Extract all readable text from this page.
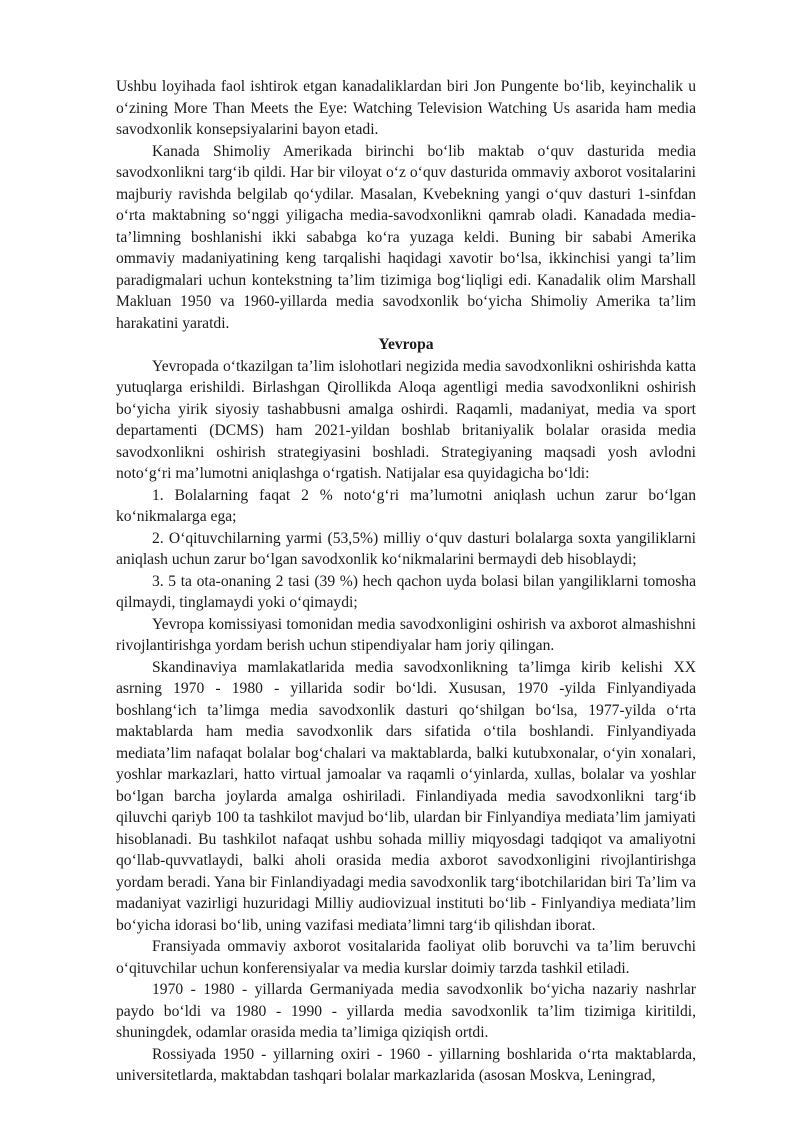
Ushbu loyihada faol ishtirok etgan kanadaliklardan biri Jon Pungente bo‘lib, keyinchalik u o‘zining More Than Meets the Eye: Watching Television Watching Us asarida ham media savodxonlik konsepsiyalarini bayon etadi.

Kanada Shimoliy Amerikada birinchi bo‘lib maktab o‘quv dasturida media savodxonlikni targ‘ib qildi. Har bir viloyat o‘z o‘quv dasturida ommaviy axborot vositalarini majburiy ravishda belgilab qo‘ydilar. Masalan, Kvebekning yangi o‘quv dasturi 1-sinfdan o‘rta maktabning so‘nggi yiligacha media-savodxonlikni qamrab oladi. Kanadada media-ta’limning boshlanishi ikki sababga ko‘ra yuzaga keldi. Buning bir sababi Amerika ommaviy madaniyatining keng tarqalishi haqidagi xavotir bo‘lsa, ikkinchisi yangi ta’lim paradigmalari uchun kontekstning ta’lim tizimiga bog‘liqligi edi. Kanadalik olim Marshall Makluan 1950 va 1960-yillarda media savodxonlik bo‘yicha Shimoliy Amerika ta’lim harakatini yaratdi.

Yevropa

Yevropada o‘tkazilgan ta’lim islohotlari negizida media savodxonlikni oshirishda katta yutuqlarga erishildi. Birlashgan Qirollikda Aloqa agentligi media savodxonlikni oshirish bo‘yicha yirik siyosiy tashabbusni amalga oshirdi. Raqamli, madaniyat, media va sport departamenti (DCMS) ham 2021-yildan boshlab britaniyalik bolalar orasida media savodxonlikni oshirish strategiyasini boshladi. Strategiyaning maqsadi yosh avlodni noto‘g‘ri ma’lumotni aniqlashga o‘rgatish. Natijalar esa quyidagicha bo‘ldi:

1. Bolalarning faqat 2 % noto‘g‘ri ma’lumotni aniqlash uchun zarur bo‘lgan ko‘nikmalarga ega;

2. O‘qituvchilarning yarmi (53,5%) milliy o‘quv dasturi bolalarga soxta yangiliklarni aniqlash uchun zarur bo‘lgan savodxonlik ko‘nikmalarini bermaydi deb hisoblaydi;

3. 5 ta ota-onaning 2 tasi (39 %) hech qachon uyda bolasi bilan yangiliklarni tomosha qilmaydi, tinglamaydi yoki o‘qimaydi;

Yevropa komissiyasi tomonidan media savodxonligini oshirish va axborot almashishni rivojlantirishga yordam berish uchun stipendiyalar ham joriy qilingan.

Skandinaviya mamlakatlarida media savodxonlikning ta’limga kirib kelishi XX asrning 1970 - 1980 - yillarida sodir bo‘ldi. Xususan, 1970 -yilda Finlyandiyada boshlang‘ich ta’limga media savodxonlik dasturi qo‘shilgan bo‘lsa, 1977-yilda o‘rta maktablarda ham media savodxonlik dars sifatida o‘tila boshlandi. Finlyandiyada mediata’lim nafaqat bolalar bog‘chalari va maktablarda, balki kutubxonalar, o‘yin xonalari, yoshlar markazlari, hatto virtual jamoalar va raqamli o‘yinlarda, xullas, bolalar va yoshlar bo‘lgan barcha joylarda amalga oshiriladi. Finlandiyada media savodxonlikni targ‘ib qiluvchi qariyb 100 ta tashkilot mavjud bo‘lib, ulardan bir Finlyandiya mediata’lim jamiyati hisoblanadi. Bu tashkilot nafaqat ushbu sohada milliy miqyosdagi tadqiqot va amaliyotni qo‘llab-quvvatlaydi, balki aholi orasida media axborot savodxonligini rivojlantirishga yordam beradi. Yana bir Finlandiyadagi media savodxonlik targ‘ibotchilaridan biri Ta’lim va madaniyat vazirligi huzuridagi Milliy audiovizual instituti bo‘lib - Finlyandiya mediata’lim bo‘yicha idorasi bo‘lib, uning vazifasi mediata’limni targ‘ib qilishdan iborat.

Fransiyada ommaviy axborot vositalarida faoliyat olib boruvchi va ta’lim beruvchi o‘qituvchilar uchun konferensiyalar va media kurslar doimiy tarzda tashkil etiladi.

1970 - 1980 - yillarda Germaniyada media savodxonlik bo‘yicha nazariy nashrlar paydo bo‘ldi va 1980 - 1990 - yillarda media savodxonlik ta’lim tizimiga kiritildi, shuningdek, odamlar orasida media ta’limiga qiziqish ortdi.

Rossiyada 1950 - yillarning oxiri - 1960 - yillarning boshlarida o‘rta maktablarda, universitetlarda, maktabdan tashqari bolalar markazlarida (asosan Moskva, Leningrad,
